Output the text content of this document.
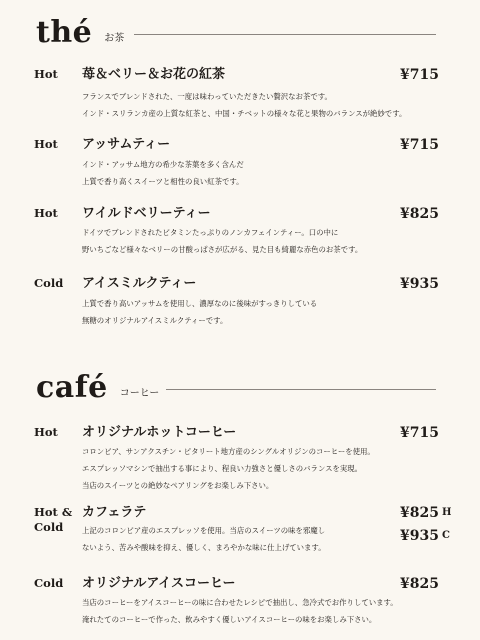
thé お茶
Hot 苺＆ベリー＆お花の紅茶	¥715
フランスでブレンドされた、一度は味わっていただきたい贅沢なお茶です。
インド・スリランカ産の上質な紅茶と、中国・チベットの様々な花と果物のバランスが絶妙です。
Hot アッサムティー	¥715
インド・アッサム地方の希少な茶葉を多く含んだ
上質で香り高くスイーツと相性の良い紅茶です。
Hot ワイルドベリーティー	¥825
ドイツでブレンドされたビタミンたっぷりのノンカフェインティー。口の中に
野いちごなど様々なベリーの甘酸っぱさが広がる、見た目も綺麗な赤色のお茶です。
Cold アイスミルクティー	¥935
上質で香り高いアッサムを使用し、濃厚なのに後味がすっきりしている
無糖のオリジナルアイスミルクティーです。
café コーヒー
Hot オリジナルホットコーヒー	¥715
コロンビア、サンアクスチン・ピタリート地方産のシングルオリジンのコーヒーを使用。
エスプレッソマシンで抽出する事により、程良い力強さと優しさのバランスを実現。
当店のスイーツとの絶妙なペアリングをお楽しみ下さい。
Hot &
Cold
カフェラテ	¥825 H
¥935 C
上記のコロンビア産のエスプレッソを使用。当店のスイーツの味を邪魔し
ないよう、苦みや酸味を抑え、優しく、まろやかな味に仕上げています。
Cold オリジナルアイスコーヒー	¥825
当店のコーヒーをアイスコーヒーの味に合わせたレシピで抽出し、急冷式でお作りしています。
淹れたてのコーヒーで作った、飲みやすく優しいアイスコーヒーの味をお楽しみ下さい。
